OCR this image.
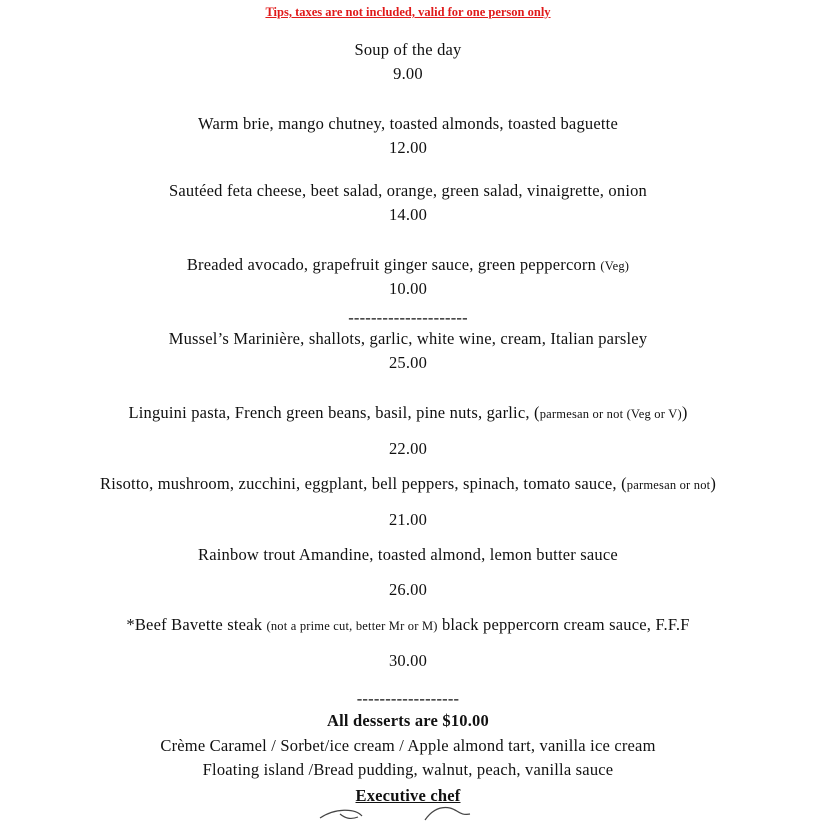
Tips, taxes are not included, valid for one person only
Soup of the day
9.00
Warm brie, mango chutney, toasted almonds, toasted baguette
12.00
Sautéed feta cheese, beet salad, orange, green salad, vinaigrette, onion
14.00
Breaded avocado, grapefruit ginger sauce, green peppercorn (Veg)
10.00
---------------------
Mussel’s Marinière, shallots, garlic, white wine, cream, Italian parsley
25.00
Linguini pasta, French green beans, basil, pine nuts, garlic, (parmesan or not (Veg or V))
22.00
Risotto, mushroom, zucchini, eggplant, bell peppers, spinach, tomato sauce, (parmesan or not)
21.00
Rainbow trout Amandine, toasted almond, lemon butter sauce
26.00
*Beef Bavette steak (not a prime cut, better Mr or M) black peppercorn cream sauce, F.F.F
30.00
------------------
All desserts are $10.00
Crème Caramel / Sorbet/ice cream / Apple almond tart, vanilla ice cream
Floating island /Bread pudding, walnut, peach, vanilla sauce
Executive chef
